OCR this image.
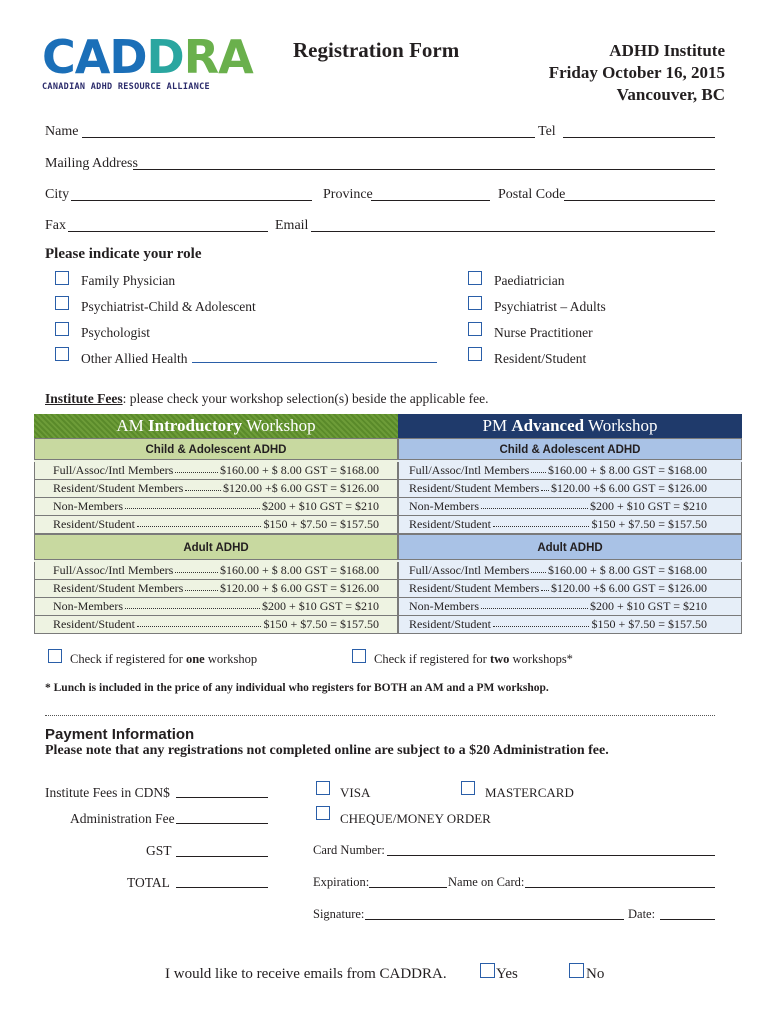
CADDRA
CANADIAN ADHD RESOURCE ALLIANCE
Registration Form	ADHD Institute
Friday October 16, 2015
Vancouver, BC
Name	Tel
Mailing Address
City	Province	Postal Code
Fax	Email
Please indicate your role
Family Physician
Psychiatrist-Child & Adolescent
Psychologist
Other Allied Health
Paediatrician
Psychiatrist – Adults
Nurse Practitioner
Resident/Student
Institute Fees: please check your workshop selection(s) beside the applicable fee.
AM Introductory Workshop
Child & Adolescent ADHD
Full/Assoc/Intl Members	$160.00 + $ 8.00 GST = $168.00
Resident/Student Members	$120.00 +$ 6.00 GST = $126.00
Non-Members	$200 + $10 GST = $210
Resident/Student	$150 + $7.50 = $157.50
Adult ADHD
Full/Assoc/Intl Members	$160.00 + $ 8.00 GST = $168.00
Resident/Student Members	$120.00 + $ 6.00 GST = $126.00
Non-Members	$200 + $10 GST = $210
Resident/Student	$150 + $7.50 = $157.50
PM Advanced Workshop
Child & Adolescent ADHD
Full/Assoc/Intl Members $160.00 + $ 8.00 GST = $168.00
Resident/Student Members $120.00 +$ 6.00 GST = $126.00
Non-Members	$200 + $10 GST = $210
Resident/Student	$150 + $7.50 = $157.50
Adult ADHD
Full/Assoc/Intl Members $160.00 + $ 8.00 GST = $168.00
Resident/Student Members $120.00 +$ 6.00 GST = $126.00
Non-Members	$200 + $10 GST = $210
Resident/Student	$150 + $7.50 = $157.50
Check if registered for one workshop	Check if registered for two workshops*
* Lunch is included in the price of any individual who registers for BOTH an AM and a PM workshop.
Payment Information
Please note that any registrations not completed online are subject to a $20 Administration fee.
Institute Fees in CDN$
Administration Fee
GST
TOTAL
VISA	MASTERCARD
CHEQUE/MONEY ORDER
Card Number:
Expiration:	Name on Card:
Signature:	Date:
I would like to receive emails from CADDRA.	Yes	No
